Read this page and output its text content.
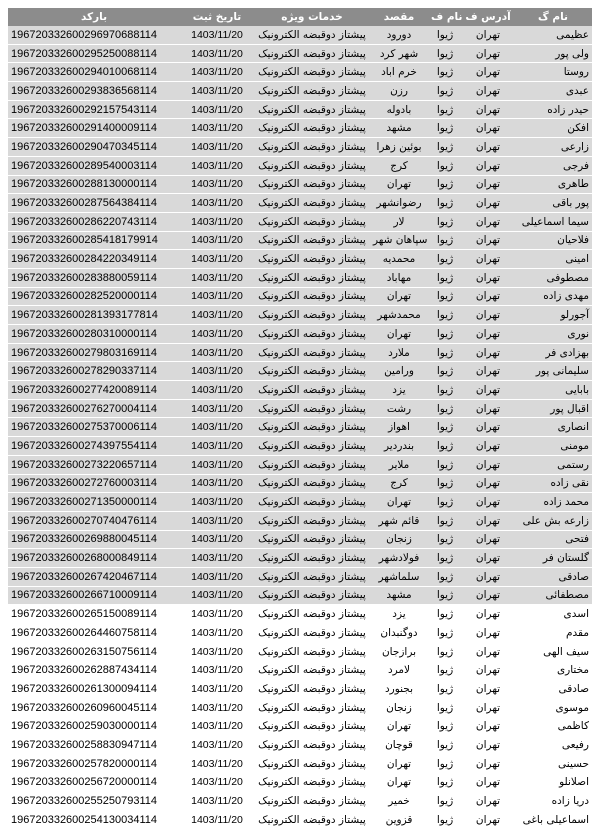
بارکد	تاریخ ثبت	خدمات ویژه	مقصد	نام ف	آدرس ف	نام گ
196720332600296970688114	1403/11/20	پیشتاز دوقبضه الکترونیک	دورود	ژیوا	تهران	عظیمی
196720332600295250088114	1403/11/20	پیشتاز دوقبضه الکترونیک	شهر کرد	ژیوا	تهران	ولی پور
196720332600294010068114	1403/11/20	پیشتاز دوقبضه الکترونیک	خرم اباد	ژیوا	تهران	روستا
196720332600293836568114	1403/11/20	پیشتاز دوقبضه الکترونیک	رزن	ژیوا	تهران	عبدی
196720332600292157543114	1403/11/20	پیشتاز دوقبضه الکترونیک	بادوله	ژیوا	تهران	حیدر زاده
196720332600291400009114	1403/11/20	پیشتاز دوقبضه الکترونیک	مشهد	ژیوا	تهران	افکن
196720332600290470345114	1403/11/20	پیشتاز دوقبضه الکترونیک	بوئین زهرا	ژیوا	تهران	زارعی
196720332600289540003114	1403/11/20	پیشتاز دوقبضه الکترونیک	کرج	ژیوا	تهران	فرجی
196720332600288130000114	1403/11/20	پیشتاز دوقبضه الکترونیک	تهران	ژیوا	تهران	طاهری
196720332600287564384114	1403/11/20	پیشتاز دوقبضه الکترونیک	رضوانشهر	ژیوا	تهران	پور باقی
196720332600286220743114	1403/11/20	پیشتاز دوقبضه الکترونیک	لار	ژیوا	تهران	سیما اسماعیلی
196720332600285418179914	1403/11/20	پیشتاز دوقبضه الکترونیک	سپاهان شهر	ژیوا	تهران	فلاحیان
196720332600284220349114	1403/11/20	پیشتاز دوقبضه الکترونیک	محمدیه	ژیوا	تهران	امینی
196720332600283880059114	1403/11/20	پیشتاز دوقبضه الکترونیک	مهاباد	ژیوا	تهران	مصطوفی
196720332600282520000114	1403/11/20	پیشتاز دوقبضه الکترونیک	تهران	ژیوا	تهران	مهدی زاده
196720332600281393177814	1403/11/20	پیشتاز دوقبضه الکترونیک	محمدشهر	ژیوا	تهران	آجورلو
196720332600280310000114	1403/11/20	پیشتاز دوقبضه الکترونیک	تهران	ژیوا	تهران	نوری
196720332600279803169114	1403/11/20	پیشتاز دوقبضه الکترونیک	ملارد	ژیوا	تهران	بهزادی فر
196720332600278290337114	1403/11/20	پیشتاز دوقبضه الکترونیک	ورامین	ژیوا	تهران	سلیمانی پور
196720332600277420089114	1403/11/20	پیشتاز دوقبضه الکترونیک	یزد	ژیوا	تهران	بابایی
196720332600276270004114	1403/11/20	پیشتاز دوقبضه الکترونیک	رشت	ژیوا	تهران	اقبال پور
196720332600275370006114	1403/11/20	پیشتاز دوقبضه الکترونیک	اهواز	ژیوا	تهران	انصاری
196720332600274397554114	1403/11/20	پیشتاز دوقبضه الکترونیک	بندردیر	ژیوا	تهران	مومنی
196720332600273220657114	1403/11/20	پیشتاز دوقبضه الکترونیک	ملایر	ژیوا	تهران	رستمی
196720332600272760003114	1403/11/20	پیشتاز دوقبضه الکترونیک	کرج	ژیوا	تهران	نقی زاده
196720332600271350000114	1403/11/20	پیشتاز دوقبضه الکترونیک	تهران	ژیوا	تهران	محمد زاده
196720332600270740476114	1403/11/20	پیشتاز دوقبضه الکترونیک	قائم شهر	ژیوا	تهران	زارعه بش علی
196720332600269880045114	1403/11/20	پیشتاز دوقبضه الکترونیک	زنجان	ژیوا	تهران	فتحی
196720332600268000849114	1403/11/20	پیشتاز دوقبضه الکترونیک	فولادشهر	ژیوا	تهران	گلستان فر
196720332600267420467114	1403/11/20	پیشتاز دوقبضه الکترونیک	سلماشهر	ژیوا	تهران	صادقی
196720332600266710009114	1403/11/20	پیشتاز دوقبضه الکترونیک	مشهد	ژیوا	تهران	مصطفائی
196720332600265150089114	1403/11/20	پیشتاز دوقبضه الکترونیک	یزد	ژیوا	تهران	اسدی
196720332600264460758114	1403/11/20	پیشتاز دوقبضه الکترونیک	دوگنبدان	ژیوا	تهران	مقدم
196720332600263150756114	1403/11/20	پیشتاز دوقبضه الکترونیک	برازجان	ژیوا	تهران	سیف الهی
196720332600262887434114	1403/11/20	پیشتاز دوقبضه الکترونیک	لامرد	ژیوا	تهران	مختاری
196720332600261300094114	1403/11/20	پیشتاز دوقبضه الکترونیک	بجنورد	ژیوا	تهران	صادقی
196720332600260960045114	1403/11/20	پیشتاز دوقبضه الکترونیک	زنجان	ژیوا	تهران	موسوی
196720332600259030000114	1403/11/20	پیشتاز دوقبضه الکترونیک	تهران	ژیوا	تهران	کاظمی
196720332600258830947114	1403/11/20	پیشتاز دوقبضه الکترونیک	قوچان	ژیوا	تهران	رفیعی
196720332600257820000114	1403/11/20	پیشتاز دوقبضه الکترونیک	تهران	ژیوا	تهران	حسینی
196720332600256720000114	1403/11/20	پیشتاز دوقبضه الکترونیک	تهران	ژیوا	تهران	اصلانلو
196720332600255250793114	1403/11/20	پیشتاز دوقبضه الکترونیک	خمیر	ژیوا	تهران	دریا زاده
196720332600254130034114	1403/11/20	پیشتاز دوقبضه الکترونیک	قزوین	ژیوا	تهران	اسماعیلی باغی
